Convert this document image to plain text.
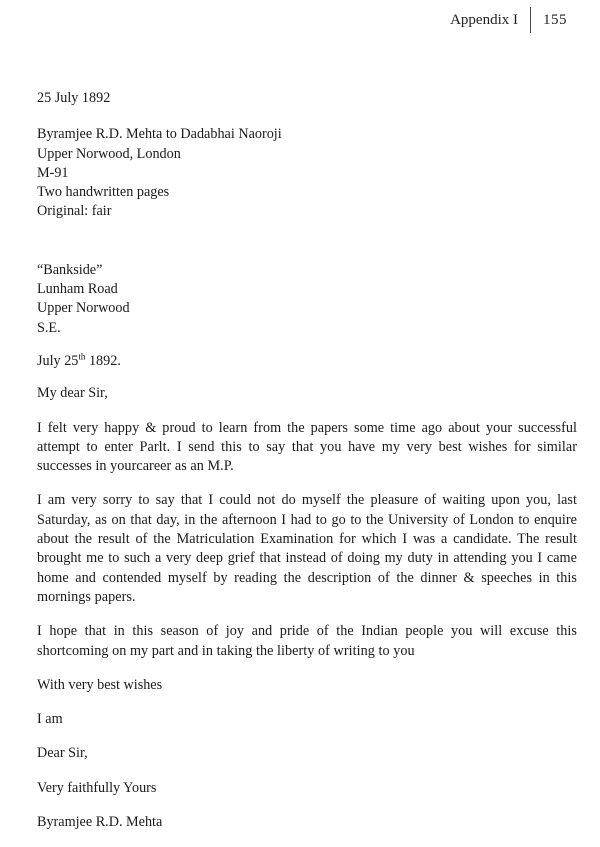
Appendix I	155

25 July 1892

Byramjee R.D. Mehta to Dadabhai Naoroji

Upper Norwood, London

M-91

Two handwritten pages

Original: fair

“Bankside”

Lunham Road

Upper Norwood

S.E.

July 25th 1892.

My dear Sir,

I felt very happy & proud to learn from the papers some time ago about your successful attempt to enter Parlt. I send this to say that you have my very best wishes for similar successes in yourcareer as an M.P.

I am very sorry to say that I could not do myself the pleasure of waiting upon you, last Saturday, as on that day, in the afternoon I had to go to the University of London to enquire about the result of the Matriculation Examination for which I was a candidate. The result brought me to such a very deep grief that instead of doing my duty in attending you I came home and contended myself by reading the description of the dinner & speeches in this mornings papers.

I hope that in this season of joy and pride of the Indian people you will excuse this shortcoming on my part and in taking the liberty of writing to you

With very best wishes

I am

Dear Sir,

Very faithfully Yours

Byramjee R.D. Mehta
